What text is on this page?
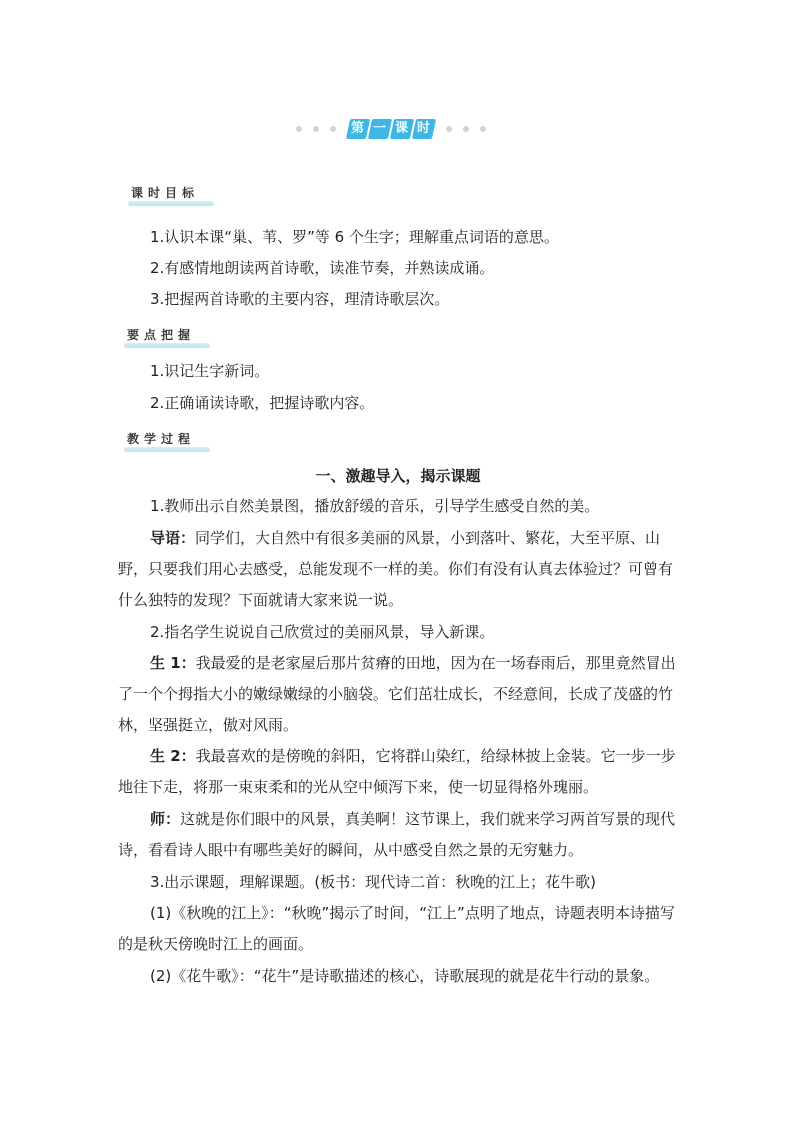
第 一 课 时
课时目标

1.认识本课“巢、苇、罗”等 6 个生字；理解重点词语的意思。

2.有感情地朗读两首诗歌，读准节奏，并熟读成诵。

3.把握两首诗歌的主要内容，理清诗歌层次。

要点把握

1.识记生字新词。

2.正确诵读诗歌，把握诗歌内容。

教学过程

一、激趣导入，揭示课题

1.教师出示自然美景图，播放舒缓的音乐，引导学生感受自然的美。

导语：同学们，大自然中有很多美丽的风景，小到落叶、繁花，大至平原、山野，只要我们用心去感受，总能发现不一样的美。你们有没有认真去体验过？可曾有什么独特的发现？下面就请大家来说一说。

2.指名学生说说自己欣赏过的美丽风景，导入新课。

生 1：我最爱的是老家屋后那片贫瘠的田地，因为在一场春雨后，那里竟然冒出了一个个拇指大小的嫩绿嫩绿的小脑袋。它们茁壮成长，不经意间，长成了茂盛的竹林，坚强挺立，傲对风雨。

生 2：我最喜欢的是傍晚的斜阳，它将群山染红，给绿林披上金装。它一步一步地往下走，将那一束束柔和的光从空中倾泻下来，使一切显得格外瑰丽。

师：这就是你们眼中的风景，真美啊！这节课上，我们就来学习两首写景的现代诗，看看诗人眼中有哪些美好的瞬间，从中感受自然之景的无穷魅力。

3.出示课题，理解课题。(板书：现代诗二首：秋晚的江上；花牛歌)

(1)《秋晚的江上》：“秋晚”揭示了时间，“江上”点明了地点，诗题表明本诗描写的是秋天傍晚时江上的画面。

(2)《花牛歌》：“花牛”是诗歌描述的核心，诗歌展现的就是花牛行动的景象。
